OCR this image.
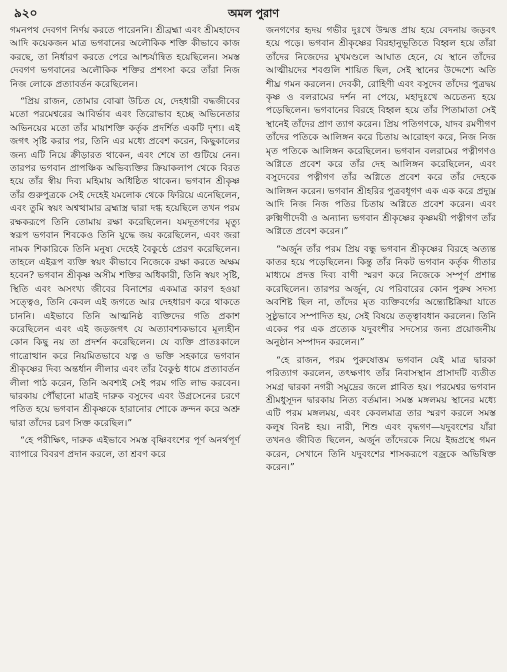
৯২০	অমল পুরাণ

গমনপথ দেবগণ নির্ণয় করতে পারেননি। শ্রীব্রহ্মা এবং শ্রীমহাদেব আদি কয়েকজন মাত্র ভগবানের অলৌকিক শক্তি কীভাবে কাজ করছে, তা নির্ধারণ করতে পেরে আশ্চর্যান্বিত হয়েছিলেন। সমস্ত দেবগণ ভগবানের অলৌকিক শক্তির প্রশংসা করে তাঁরা নিজ নিজ লোকে প্রত্যাবর্তন করেছিলেন।

“প্রিয় রাজন, তোমার বোঝা উচিত যে, দেহধারী বদ্ধজীবের মতো পরমেশ্বরের আবির্ভাব এবং তিরোভাব হচ্ছে অভিনেতার অভিনয়ের মতো তাঁর মায়াশক্তি কর্তৃক প্রদর্শিত একটি দৃশ্য। এই জগৎ সৃষ্টি করার পর, তিনি এর মধ্যে প্রবেশ করেন, কিছুকালের জন্য এটি নিয়ে ক্রীড়ারত থাকেন, এবং শেষে তা গুটিয়ে নেন। তারপর ভগবান প্রাপঞ্চিক অভিব্যক্তির ক্রিয়াকলাপ থেকে বিরত হয়ে তাঁর স্বীয় দিব্য মহিমায় অধিষ্ঠিত থাকেন। ভগবান শ্রীকৃষ্ণ তাঁর গুরুপুত্রকে সেই দেহেই যমলোক থেকে ফিরিয়ে এনেছিলেন, এবং তুমি স্বয়ং অশ্বত্থামার ব্রহ্মাস্ত্র দ্বারা দগ্ধ হয়েছিলে তখন পরম রক্ষকরূপে তিনি তোমায় রক্ষা করেছিলেন। যমদূতগণের মৃত্যু স্বরূপ ভগবান শিবকেও তিনি যুদ্ধে জয় করেছিলেন, এবং জরা নামক শিকারিকে তিনি মনুষ্য দেহেই বৈকুণ্ঠে প্রেরণ করেছিলেন। তাহলে এইরূপ ব্যক্তি স্বয়ং কীভাবে নিজেকে রক্ষা করতে অক্ষম হবেন? ভগবান শ্রীকৃষ্ণ অসীম শক্তির অধিকারী, তিনি স্বয়ং সৃষ্টি, স্থিতি এবং অসংখ্য জীবের বিনাশের একমাত্র কারণ হওয়া সত্ত্বেও, তিনি কেবল এই জগতে আর দেহধারণ করে থাকতে চাননি। এইভাবে তিনি আত্মনিষ্ঠ ব্যক্তিদের গতি প্রকাশ করেছিলেন এবং এই জড়জগৎ যে অত্যাবশ্যকভাবে মূল্যহীন কোন কিছু নয় তা প্রদর্শন করেছিলেন। যে ব্যক্তি প্রাতঃকালে গাত্রোত্থান করে নিয়মিতভাবে যত্ন ও ভক্তি সহকারে ভগবান শ্রীকৃষ্ণের দিব্য অন্তর্ধান লীলার এবং তাঁর বৈকুণ্ঠ ধামে প্রত্যাবর্তন লীলা পাঠ করেন, তিনি অবশ্যই সেই পরম গতি লাভ করবেন। দ্বারকায় পৌঁছানো মাত্রই দারুক বসুদেব এবং উগ্রসেনের চরণে পতিত হয়ে ভগবান শ্রীকৃষ্ণকে হারানোর শোকে ক্রন্দন করে অশ্রু দ্বারা তাঁদের চরণ সিক্ত করেছিল।”

“হে পরীক্ষিৎ, দারুক এইভাবে সমস্ত বৃষ্ণিবংশের পূর্ণ অনর্থপূর্ণ ব্যাপারে বিবরণ প্রদান করলে, তা শ্রবণ করে

জনগণের হৃদয় গভীর দুঃখে উন্মত্ত প্রায় হয়ে বেদনায় জড়বৎ হয়ে পড়ে। ভগবান শ্রীকৃষ্ণের বিরহানুভূতিতে বিহ্বল হয়ে তাঁরা তাঁদের নিজেদের মুখমণ্ডলে আঘাত হেনে, যে স্থানে তাঁদের আত্মীয়দের শবগুলি শায়িত ছিল, সেই স্থানের উদ্দেশ্যে অতি শীঘ্র গমন করলেন। দেবকী, রোহিণী এবং বসুদেব তাঁদের পুত্রদ্বয় কৃষ্ণ ও বলরামের দর্শন না পেয়ে, মহাদুঃখে অচেতন্য হয়ে পড়েছিলেন। ভগবানের বিরহে বিহ্বল হয়ে তাঁর পিতামাতা সেই স্থানেই তাঁদের প্রাণ ত্যাগ করেন। প্রিয় পতিগণকে, যাদব রমণীগণ তাঁদের পতিকে আলিঙ্গন করে চিতায় আরোহণ করে, নিজ নিজ মৃত পতিকে আলিঙ্গন করেছিলেন। ভগবান বলরামের পত্নীগণও অগ্নিতে প্রবেশ করে তাঁর দেহ আলিঙ্গন করেছিলেন, এবং বসুদেবের পত্নীগণ তাঁর অগ্নিতে প্রবেশ করে তাঁর দেহকে আলিঙ্গন করেন। ভগবান শ্রীহরির পুত্রবধূগণ এক এক করে প্রদ্যুম্ন আদি নিজ নিজ পতির চিতায় অগ্নিতে প্রবেশ করেন। এবং রুক্মিণীদেবী ও অন্যান্য ভগবান শ্রীকৃষ্ণের কৃষ্ণময়ী পত্নীগণ তাঁর অগ্নিতে প্রবেশ করেন।”

“অর্জুন তাঁর পরম প্রিয় বন্ধু ভগবান শ্রীকৃষ্ণের বিরহে অত্যন্ত কাতর হয়ে পড়েছিলেন। কিন্তু তাঁর নিকট ভগবান কর্তৃক গীতার মাধ্যমে প্রদত্ত দিব্য বাণী স্মরণ করে নিজেকে সম্পূর্ণ প্রশান্ত করেছিলেন। তারপর অর্জুন, যে পরিবারের কোন পুরুষ সদস্য অবশিষ্ট ছিল না, তাঁদের মৃত ব্যক্তিবর্গের অন্ত্যেষ্টিক্রিয়া যাতে সুষ্ঠুভাবে সম্পাদিত হয়, সেই বিষয়ে তত্ত্বাবধান করলেন। তিনি একের পর এক প্রত্যেক যদুবংশীর সদস্যের জন্য প্রয়োজনীয় অনুষ্ঠান সম্পাদন করলেন।”

“হে রাজন, পরম পুরুষোত্তম ভগবান যেই মাত্র দ্বারকা পরিত্যাগ করলেন, তৎক্ষণাৎ তাঁর নিবাসস্থান প্রাসাদটি ব্যতীত সমগ্র দ্বারকা নগরী সমুদ্রের জলে প্লাবিত হয়। পরমেশ্বর ভগবান শ্রীমধুসূদন দ্বারকায় নিত্য বর্তমান। সমস্ত মঙ্গলময় স্থানের মধ্যে এটি পরম মঙ্গলময়, এবং কেবলমাত্র তার স্মরণ করলে সমস্ত কলুষ বিনষ্ট হয়। নারী, শিশু এবং বৃদ্ধগণ—যদুবংশের যাঁরা তখনও জীবিত ছিলেন, অর্জুন তাঁদেরকে নিয়ে ইন্দ্রপ্রস্থে গমন করেন, সেখানে তিনি যদুবংশের শাসকরূপে বজ্রকে অভিষিক্ত করেন।”
